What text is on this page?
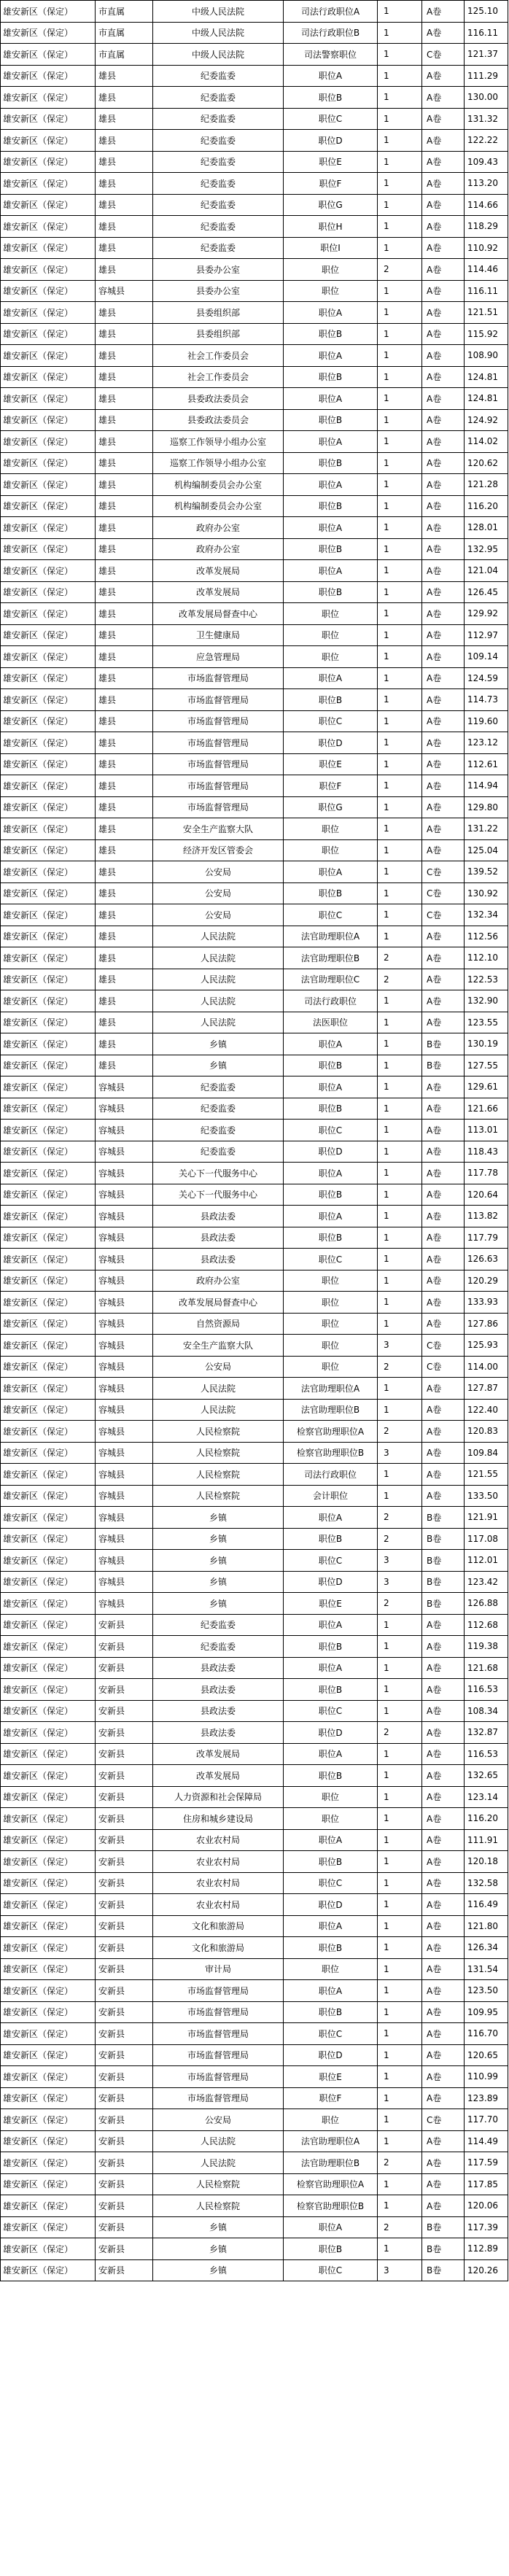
雄安新区（保定）	市直属	中级人民法院	司法行政职位A	1	A卷	125.10
雄安新区（保定）	市直属	中级人民法院	司法行政职位B	1	A卷	116.11
雄安新区（保定）	市直属	中级人民法院	司法警察职位	1	C卷	121.37
雄安新区（保定）	雄县	纪委监委	职位A	1	A卷	111.29
雄安新区（保定）	雄县	纪委监委	职位B	1	A卷	130.00
雄安新区（保定）	雄县	纪委监委	职位C	1	A卷	131.32
雄安新区（保定）	雄县	纪委监委	职位D	1	A卷	122.22
雄安新区（保定）	雄县	纪委监委	职位E	1	A卷	109.43
雄安新区（保定）	雄县	纪委监委	职位F	1	A卷	113.20
雄安新区（保定）	雄县	纪委监委	职位G	1	A卷	114.66
雄安新区（保定）	雄县	纪委监委	职位H	1	A卷	118.29
雄安新区（保定）	雄县	纪委监委	职位I	1	A卷	110.92
雄安新区（保定）	雄县	县委办公室	职位	2	A卷	114.46
雄安新区（保定）	容城县	县委办公室	职位	1	A卷	116.11
雄安新区（保定）	雄县	县委组织部	职位A	1	A卷	121.51
雄安新区（保定）	雄县	县委组织部	职位B	1	A卷	115.92
雄安新区（保定）	雄县	社会工作委员会	职位A	1	A卷	108.90
雄安新区（保定）	雄县	社会工作委员会	职位B	1	A卷	124.81
雄安新区（保定）	雄县	县委政法委员会	职位A	1	A卷	124.81
雄安新区（保定）	雄县	县委政法委员会	职位B	1	A卷	124.92
雄安新区（保定）	雄县	巡察工作领导小组办公室	职位A	1	A卷	114.02
雄安新区（保定）	雄县	巡察工作领导小组办公室	职位B	1	A卷	120.62
雄安新区（保定）	雄县	机构编制委员会办公室	职位A	1	A卷	121.28
雄安新区（保定）	雄县	机构编制委员会办公室	职位B	1	A卷	116.20
雄安新区（保定）	雄县	政府办公室	职位A	1	A卷	128.01
雄安新区（保定）	雄县	政府办公室	职位B	1	A卷	132.95
雄安新区（保定）	雄县	改革发展局	职位A	1	A卷	121.04
雄安新区（保定）	雄县	改革发展局	职位B	1	A卷	126.45
雄安新区（保定）	雄县	改革发展局督查中心	职位	1	A卷	129.92
雄安新区（保定）	雄县	卫生健康局	职位	1	A卷	112.97
雄安新区（保定）	雄县	应急管理局	职位	1	A卷	109.14
雄安新区（保定）	雄县	市场监督管理局	职位A	1	A卷	124.59
雄安新区（保定）	雄县	市场监督管理局	职位B	1	A卷	114.73
雄安新区（保定）	雄县	市场监督管理局	职位C	1	A卷	119.60
雄安新区（保定）	雄县	市场监督管理局	职位D	1	A卷	123.12
雄安新区（保定）	雄县	市场监督管理局	职位E	1	A卷	112.61
雄安新区（保定）	雄县	市场监督管理局	职位F	1	A卷	114.94
雄安新区（保定）	雄县	市场监督管理局	职位G	1	A卷	129.80
雄安新区（保定）	雄县	安全生产监察大队	职位	1	A卷	131.22
雄安新区（保定）	雄县	经济开发区管委会	职位	1	A卷	125.04
雄安新区（保定）	雄县	公安局	职位A	1	C卷	139.52
雄安新区（保定）	雄县	公安局	职位B	1	C卷	130.92
雄安新区（保定）	雄县	公安局	职位C	1	C卷	132.34
雄安新区（保定）	雄县	人民法院	法官助理职位A	1	A卷	112.56
雄安新区（保定）	雄县	人民法院	法官助理职位B	2	A卷	112.10
雄安新区（保定）	雄县	人民法院	法官助理职位C	2	A卷	122.53
雄安新区（保定）	雄县	人民法院	司法行政职位	1	A卷	132.90
雄安新区（保定）	雄县	人民法院	法医职位	1	A卷	123.55
雄安新区（保定）	雄县	乡镇	职位A	1	B卷	130.19
雄安新区（保定）	雄县	乡镇	职位B	1	B卷	127.55
雄安新区（保定）	容城县	纪委监委	职位A	1	A卷	129.61
雄安新区（保定）	容城县	纪委监委	职位B	1	A卷	121.66
雄安新区（保定）	容城县	纪委监委	职位C	1	A卷	113.01
雄安新区（保定）	容城县	纪委监委	职位D	1	A卷	118.43
雄安新区（保定）	容城县	关心下一代服务中心	职位A	1	A卷	117.78
雄安新区（保定）	容城县	关心下一代服务中心	职位B	1	A卷	120.64
雄安新区（保定）	容城县	县政法委	职位A	1	A卷	113.82
雄安新区（保定）	容城县	县政法委	职位B	1	A卷	117.79
雄安新区（保定）	容城县	县政法委	职位C	1	A卷	126.63
雄安新区（保定）	容城县	政府办公室	职位	1	A卷	120.29
雄安新区（保定）	容城县	改革发展局督查中心	职位	1	A卷	133.93
雄安新区（保定）	容城县	自然资源局	职位	1	A卷	127.86
雄安新区（保定）	容城县	安全生产监察大队	职位	3	C卷	125.93
雄安新区（保定）	容城县	公安局	职位	2	C卷	114.00
雄安新区（保定）	容城县	人民法院	法官助理职位A	1	A卷	127.87
雄安新区（保定）	容城县	人民法院	法官助理职位B	1	A卷	122.40
雄安新区（保定）	容城县	人民检察院	检察官助理职位A	2	A卷	120.83
雄安新区（保定）	容城县	人民检察院	检察官助理职位B	3	A卷	109.84
雄安新区（保定）	容城县	人民检察院	司法行政职位	1	A卷	121.55
雄安新区（保定）	容城县	人民检察院	会计职位	1	A卷	133.50
雄安新区（保定）	容城县	乡镇	职位A	2	B卷	121.91
雄安新区（保定）	容城县	乡镇	职位B	2	B卷	117.08
雄安新区（保定）	容城县	乡镇	职位C	3	B卷	112.01
雄安新区（保定）	容城县	乡镇	职位D	3	B卷	123.42
雄安新区（保定）	容城县	乡镇	职位E	2	B卷	126.88
雄安新区（保定）	安新县	纪委监委	职位A	1	A卷	112.68
雄安新区（保定）	安新县	纪委监委	职位B	1	A卷	119.38
雄安新区（保定）	安新县	县政法委	职位A	1	A卷	121.68
雄安新区（保定）	安新县	县政法委	职位B	1	A卷	116.53
雄安新区（保定）	安新县	县政法委	职位C	1	A卷	108.34
雄安新区（保定）	安新县	县政法委	职位D	2	A卷	132.87
雄安新区（保定）	安新县	改革发展局	职位A	1	A卷	116.53
雄安新区（保定）	安新县	改革发展局	职位B	1	A卷	132.65
雄安新区（保定）	安新县	人力资源和社会保障局	职位	1	A卷	123.14
雄安新区（保定）	安新县	住房和城乡建设局	职位	1	A卷	116.20
雄安新区（保定）	安新县	农业农村局	职位A	1	A卷	111.91
雄安新区（保定）	安新县	农业农村局	职位B	1	A卷	120.18
雄安新区（保定）	安新县	农业农村局	职位C	1	A卷	132.58
雄安新区（保定）	安新县	农业农村局	职位D	1	A卷	116.49
雄安新区（保定）	安新县	文化和旅游局	职位A	1	A卷	121.80
雄安新区（保定）	安新县	文化和旅游局	职位B	1	A卷	126.34
雄安新区（保定）	安新县	审计局	职位	1	A卷	131.54
雄安新区（保定）	安新县	市场监督管理局	职位A	1	A卷	123.50
雄安新区（保定）	安新县	市场监督管理局	职位B	1	A卷	109.95
雄安新区（保定）	安新县	市场监督管理局	职位C	1	A卷	116.70
雄安新区（保定）	安新县	市场监督管理局	职位D	1	A卷	120.65
雄安新区（保定）	安新县	市场监督管理局	职位E	1	A卷	110.99
雄安新区（保定）	安新县	市场监督管理局	职位F	1	A卷	123.89
雄安新区（保定）	安新县	公安局	职位	1	C卷	117.70
雄安新区（保定）	安新县	人民法院	法官助理职位A	1	A卷	114.49
雄安新区（保定）	安新县	人民法院	法官助理职位B	2	A卷	117.59
雄安新区（保定）	安新县	人民检察院	检察官助理职位A	1	A卷	117.85
雄安新区（保定）	安新县	人民检察院	检察官助理职位B	1	A卷	120.06
雄安新区（保定）	安新县	乡镇	职位A	2	B卷	117.39
雄安新区（保定）	安新县	乡镇	职位B	1	B卷	112.89
雄安新区（保定）	安新县	乡镇	职位C	3	B卷	120.26
